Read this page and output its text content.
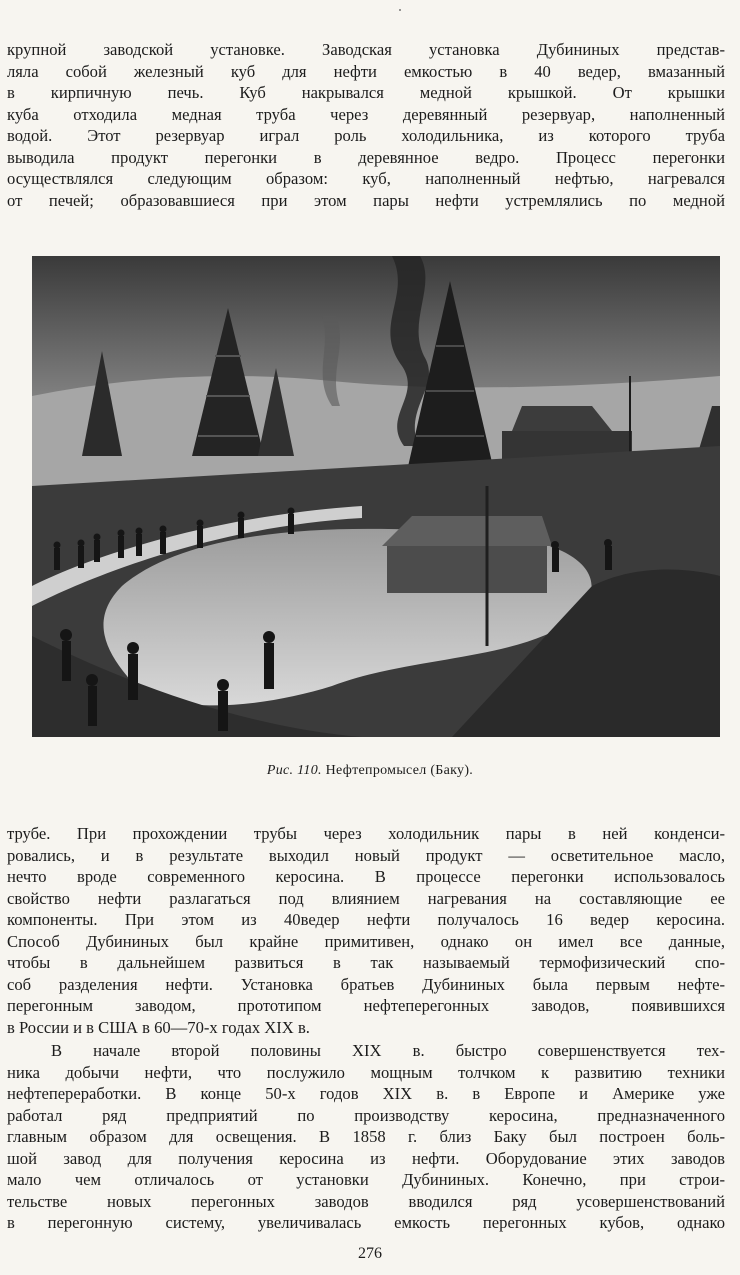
крупной заводской установке. Заводская установка Дубининых представ-
ляла собой железный куб для нефти емкостью в 40 ведер, вмазанный
в кирпичную печь. Куб накрывался медной крышкой. От крышки
куба отходила медная труба через деревянный резервуар, наполненный
водой. Этот резервуар играл роль холодильника, из которого труба
выводила продукт перегонки в деревянное ведро. Процесс перегонки
осуществлялся следующим образом: куб, наполненный нефтью, нагревался
от печей; образовавшиеся при этом пары нефти устремлялись по медной

Рис. 110. Нефтепромысел (Баку).

трубе. При прохождении трубы через холодильник пары в ней конденси-
ровались, и в результате выходил новый продукт — осветительное масло,
нечто вроде современного керосина. В процессе перегонки использовалось
свойство нефти разлагаться под влиянием нагревания на составляющие ее
компоненты. При этом из 40ведер нефти получалось 16 ведер керосина.
Способ Дубининых был крайне примитивен, однако он имел все данные,
чтобы в дальнейшем развиться в так называемый термофизический спо-
соб разделения нефти. Установка братьев Дубининых была первым нефте-
перегонным заводом, прототипом нефтеперегонных заводов, появившихся
в России и в США в 60—70-х годах XIX в.

В начале второй половины XIX в. быстро совершенствуется тех-
ника добычи нефти, что послужило мощным толчком к развитию техники
нефтепереработки. В конце 50-х годов XIX в. в Европе и Америке уже
работал ряд предприятий по производству керосина, предназначенного
главным образом для освещения. В 1858 г. близ Баку был построен боль-
шой завод для получения керосина из нефти. Оборудование этих заводов
мало чем отличалось от установки Дубининых. Конечно, при строи-
тельстве новых перегонных заводов вводился ряд усовершенствований
в перегонную систему, увеличивалась емкость перегонных кубов, однако

276
